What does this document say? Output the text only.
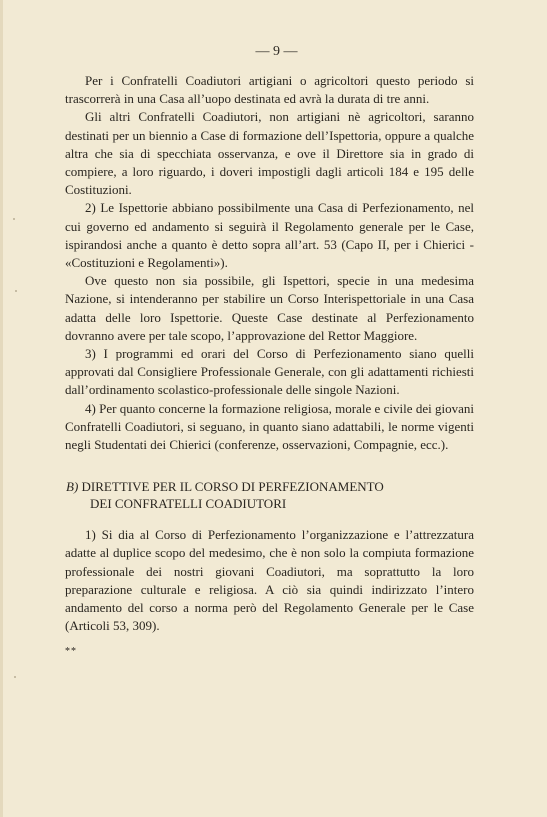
— 9 —

Per i Confratelli Coadiutori artigiani o agricoltori questo periodo si trascorrerà in una Casa all’uopo destinata ed avrà la durata di tre anni.

Gli altri Confratelli Coadiutori, non artigiani nè agricoltori, saranno destinati per un biennio a Case di formazione dell’Ispettoria, oppure a qualche altra che sia di specchiata osservanza, e ove il Direttore sia in grado di compiere, a loro riguardo, i doveri impostigli dagli articoli 184 e 195 delle Costituzioni.

2) Le Ispettorie abbiano possibilmente una Casa di Perfezionamento, nel cui governo ed andamento si seguirà il Regolamento generale per le Case, ispirandosi anche a quanto è detto sopra all’art. 53 (Capo II, per i Chierici - «Costituzioni e Regolamenti»).

Ove questo non sia possibile, gli Ispettori, specie in una medesima Nazione, si intenderanno per stabilire un Corso Interispettoriale in una Casa adatta delle loro Ispettorie. Queste Case destinate al Perfezionamento dovranno avere per tale scopo, l’approvazione del Rettor Maggiore.

3) I programmi ed orari del Corso di Perfezionamento siano quelli approvati dal Consigliere Professionale Generale, con gli adattamenti richiesti dall’ordinamento scolastico-professionale delle singole Nazioni.

4) Per quanto concerne la formazione religiosa, morale e civile dei giovani Confratelli Coadiutori, si seguano, in quanto siano adattabili, le norme vigenti negli Studentati dei Chierici (conferenze, osservazioni, Compagnie, ecc.).

B) DIRETTIVE PER IL CORSO DI PERFEZIONAMENTO
DEI CONFRATELLI COADIUTORI

1) Si dia al Corso di Perfezionamento l’organizzazione e l’attrezzatura adatte al duplice scopo del medesimo, che è non solo la compiuta formazione professionale dei nostri giovani Coadiutori, ma soprattutto la loro preparazione culturale e religiosa. A ciò sia quindi indirizzato l’intero andamento del corso a norma però del Regolamento Generale per le Case (Articoli 53, 309).

**
